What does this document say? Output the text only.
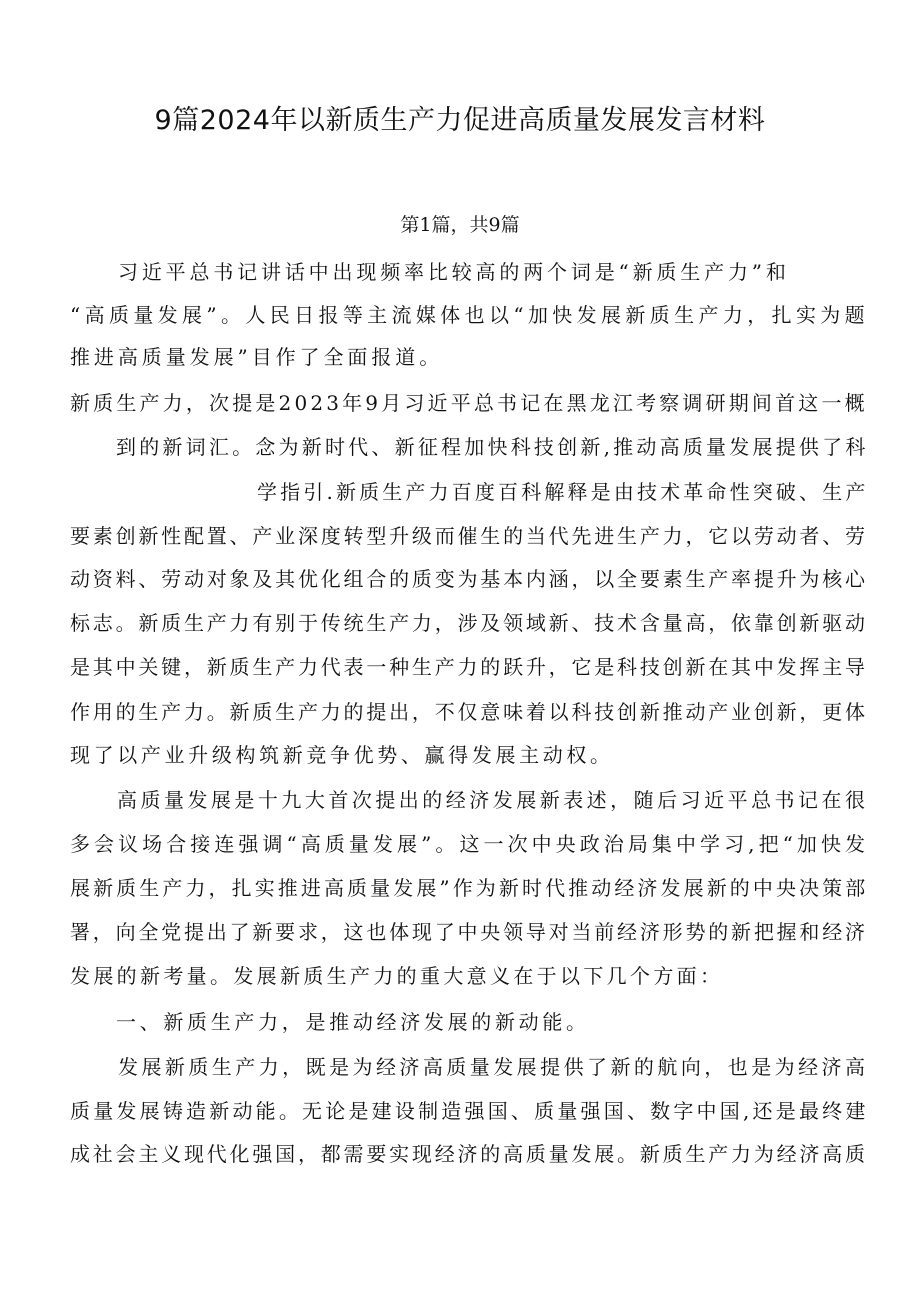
9篇2024年以新质生产力促进高质量发展发言材料
第1篇，共9篇
习近平总书记讲话中出现频率比较高的两个词是“新质生产力”和
“高质量发展”。人民日报等主流媒体也以“加快发展新质生产力，扎实为题
推进高质量发展”目作了全面报道。
新质生产力，次提是2023年9月习近平总书记在黑龙江考察调研期间首这一概
到的新词汇。念为新时代、新征程加快科技创新,推动高质量发展提供了科
学指引.新质生产力百度百科解释是由技术革命性突破、生产
要素创新性配置、产业深度转型升级而催生的当代先进生产力，它以劳动者、劳
动资料、劳动对象及其优化组合的质变为基本内涵，以全要素生产率提升为核心
标志。新质生产力有别于传统生产力，涉及领域新、技术含量高，依靠创新驱动
是其中关键，新质生产力代表一种生产力的跃升，它是科技创新在其中发挥主导
作用的生产力。新质生产力的提出，不仅意味着以科技创新推动产业创新，更体
现了以产业升级构筑新竞争优势、赢得发展主动权。
高质量发展是十九大首次提出的经济发展新表述，随后习近平总书记在很
多会议场合接连强调“高质量发展”。这一次中央政治局集中学习,把“加快发
展新质生产力，扎实推进高质量发展”作为新时代推动经济发展新的中央决策部
署，向全党提出了新要求，这也体现了中央领导对当前经济形势的新把握和经济
发展的新考量。发展新质生产力的重大意义在于以下几个方面：
一、新质生产力，是推动经济发展的新动能。
发展新质生产力，既是为经济高质量发展提供了新的航向，也是为经济高
质量发展铸造新动能。无论是建设制造强国、质量强国、数字中国,还是最终建
成社会主义现代化强国，都需要实现经济的高质量发展。新质生产力为经济高质
